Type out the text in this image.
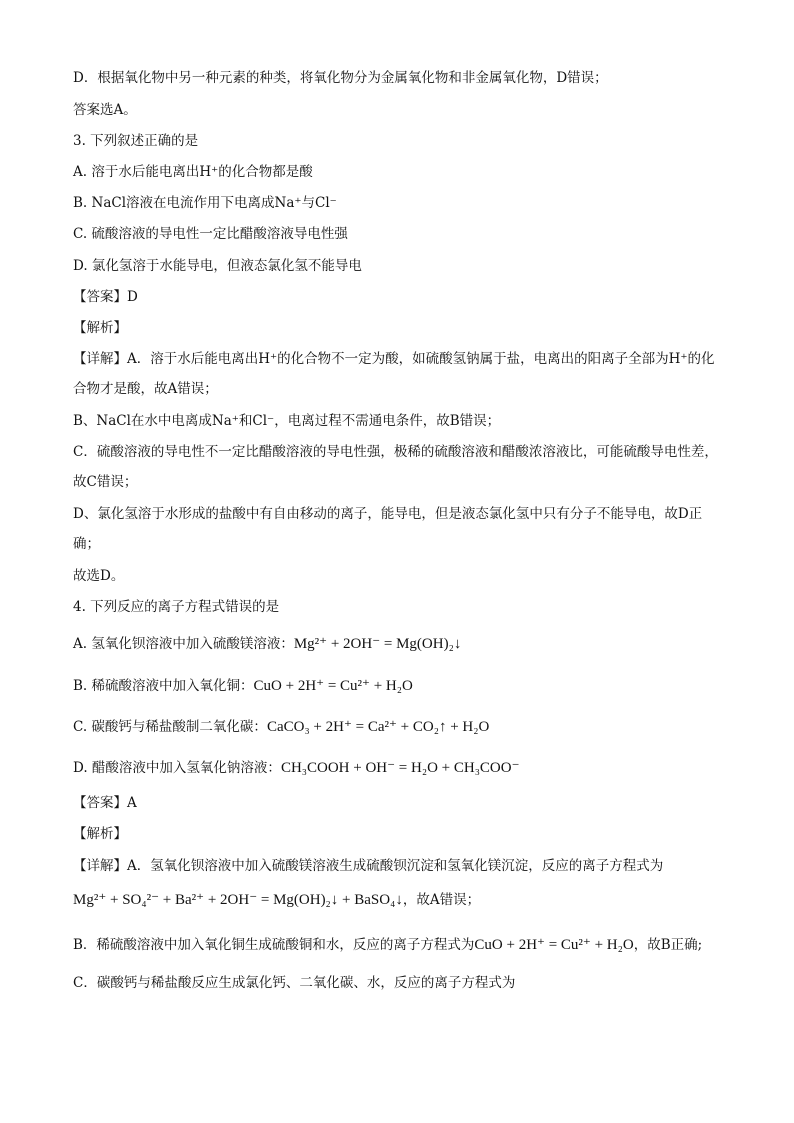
D．根据氧化物中另一种元素的种类，将氧化物分为金属氧化物和非金属氧化物，D错误；
答案选A。
3. 下列叙述正确的是
A. 溶于水后能电离出H⁺的化合物都是酸
B. NaCl溶液在电流作用下电离成Na⁺与Cl⁻
C. 硫酸溶液的导电性一定比醋酸溶液导电性强
D. 氯化氢溶于水能导电，但液态氯化氢不能导电
【答案】D
【解析】
【详解】A．溶于水后能电离出H⁺的化合物不一定为酸，如硫酸氢钠属于盐，电离出的阳离子全部为H⁺的化
合物才是酸，故A错误；
B、NaCl在水中电离成Na⁺和Cl⁻，电离过程不需通电条件，故B错误；
C．硫酸溶液的导电性不一定比醋酸溶液的导电性强，极稀的硫酸溶液和醋酸浓溶液比，可能硫酸导电性差，
故C错误；
D、氯化氢溶于水形成的盐酸中有自由移动的离子，能导电，但是液态氯化氢中只有分子不能导电，故D正
确；
故选D。
4. 下列反应的离子方程式错误的是
A. 氢氧化钡溶液中加入硫酸镁溶液：Mg²⁺ + 2OH⁻ = Mg(OH)₂↓
B. 稀硫酸溶液中加入氧化铜：CuO + 2H⁺ = Cu²⁺ + H₂O
C. 碳酸钙与稀盐酸制二氧化碳：CaCO₃ + 2H⁺ = Ca²⁺ + CO₂↑ + H₂O
D. 醋酸溶液中加入氢氧化钠溶液：CH₃COOH + OH⁻ = H₂O + CH₃COO⁻
【答案】A
【解析】
【详解】A．氢氧化钡溶液中加入硫酸镁溶液生成硫酸钡沉淀和氢氧化镁沉淀，反应的离子方程式为
Mg²⁺ + SO₄²⁻ + Ba²⁺ + 2OH⁻ = Mg(OH)₂↓ + BaSO₄↓，故A错误；
B．稀硫酸溶液中加入氧化铜生成硫酸铜和水，反应的离子方程式为CuO + 2H⁺ = Cu²⁺ + H₂O，故B正确;
C．碳酸钙与稀盐酸反应生成氯化钙、二氧化碳、水，反应的离子方程式为
